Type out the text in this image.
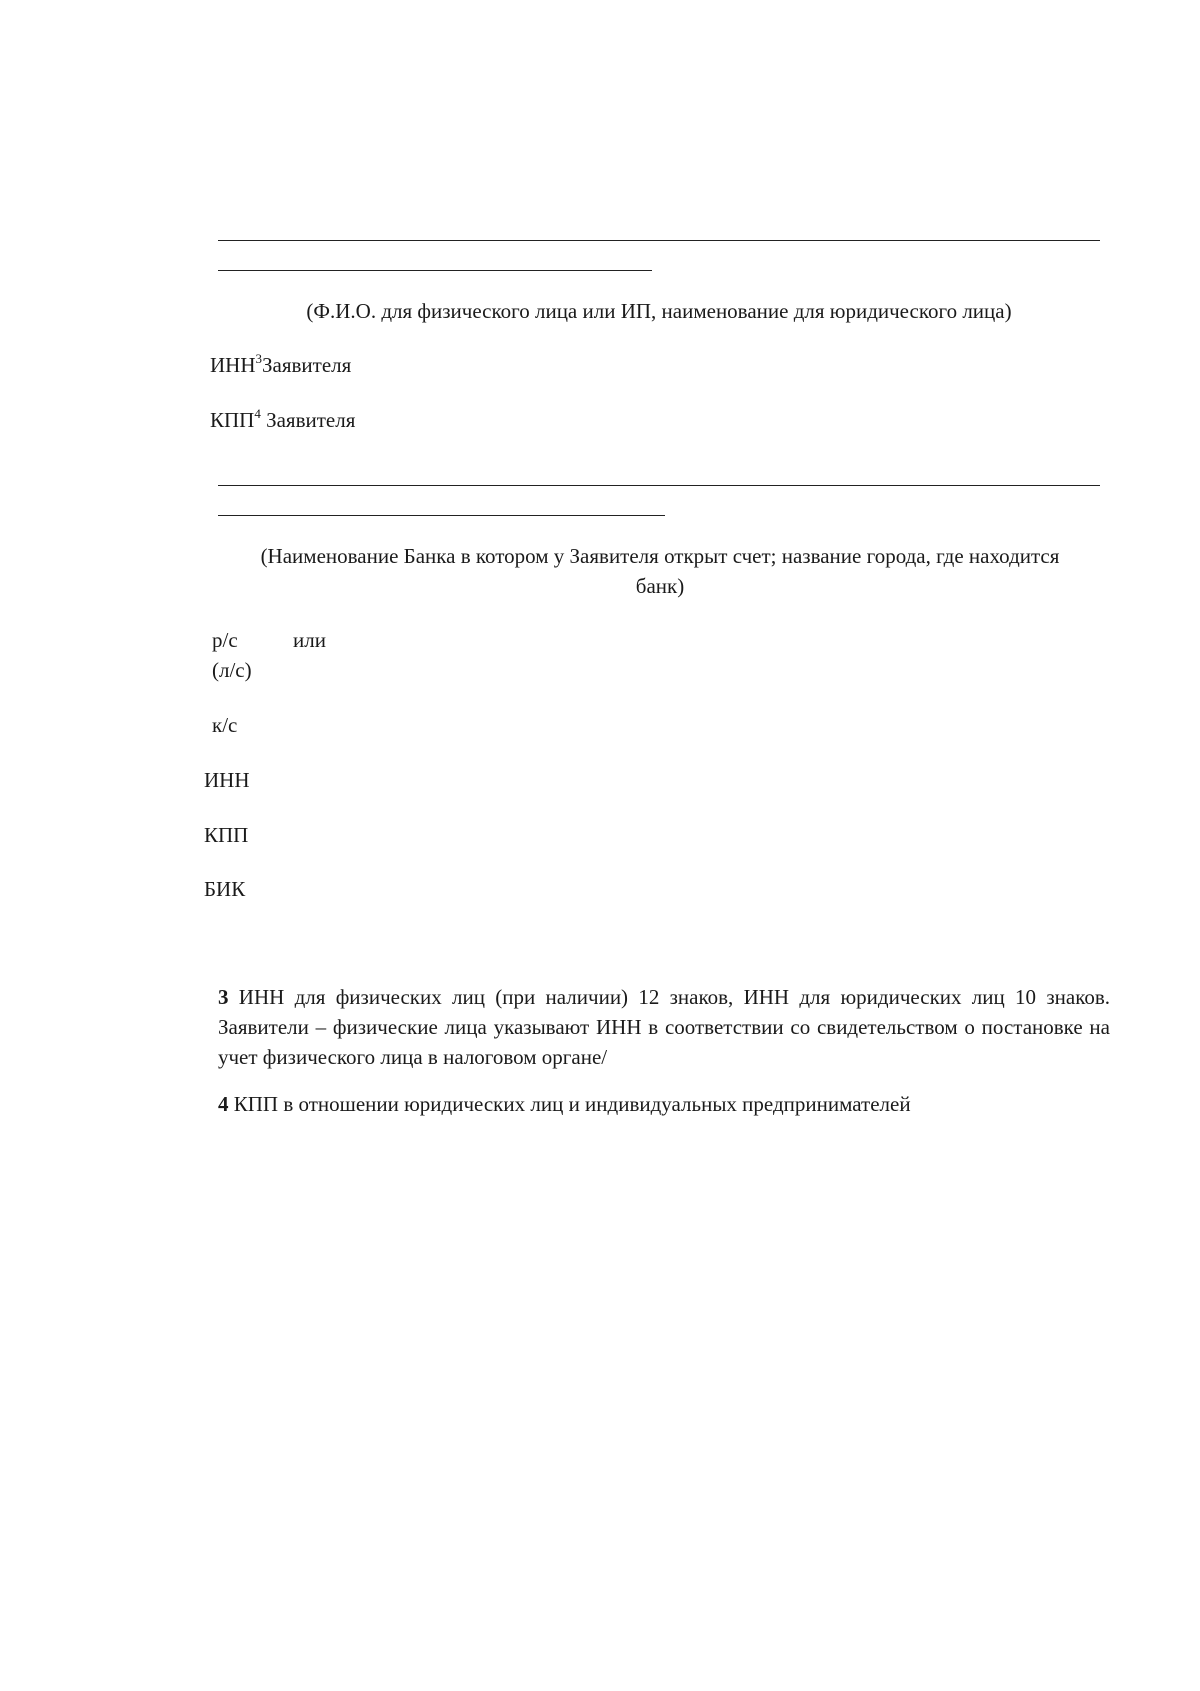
(Ф.И.О. для физического лица или ИП, наименование для юридического лица)
ИНН$^3$Заявителя
КПП$^4$ Заявителя
(Наименование Банка в котором у Заявителя открыт счет; название города, где находится
банк)
р/с	или
(л/с)
к/с
ИНН
КПП
БИК
3 ИНН для физических лиц (при наличии) 12 знаков, ИНН для юридических лиц 10 знаков. Заявители – физические лица указывают ИНН в соответствии со свидетельством о постановке на учет физического лица в налоговом органе/
4 КПП в отношении юридических лиц и индивидуальных предпринимателей
